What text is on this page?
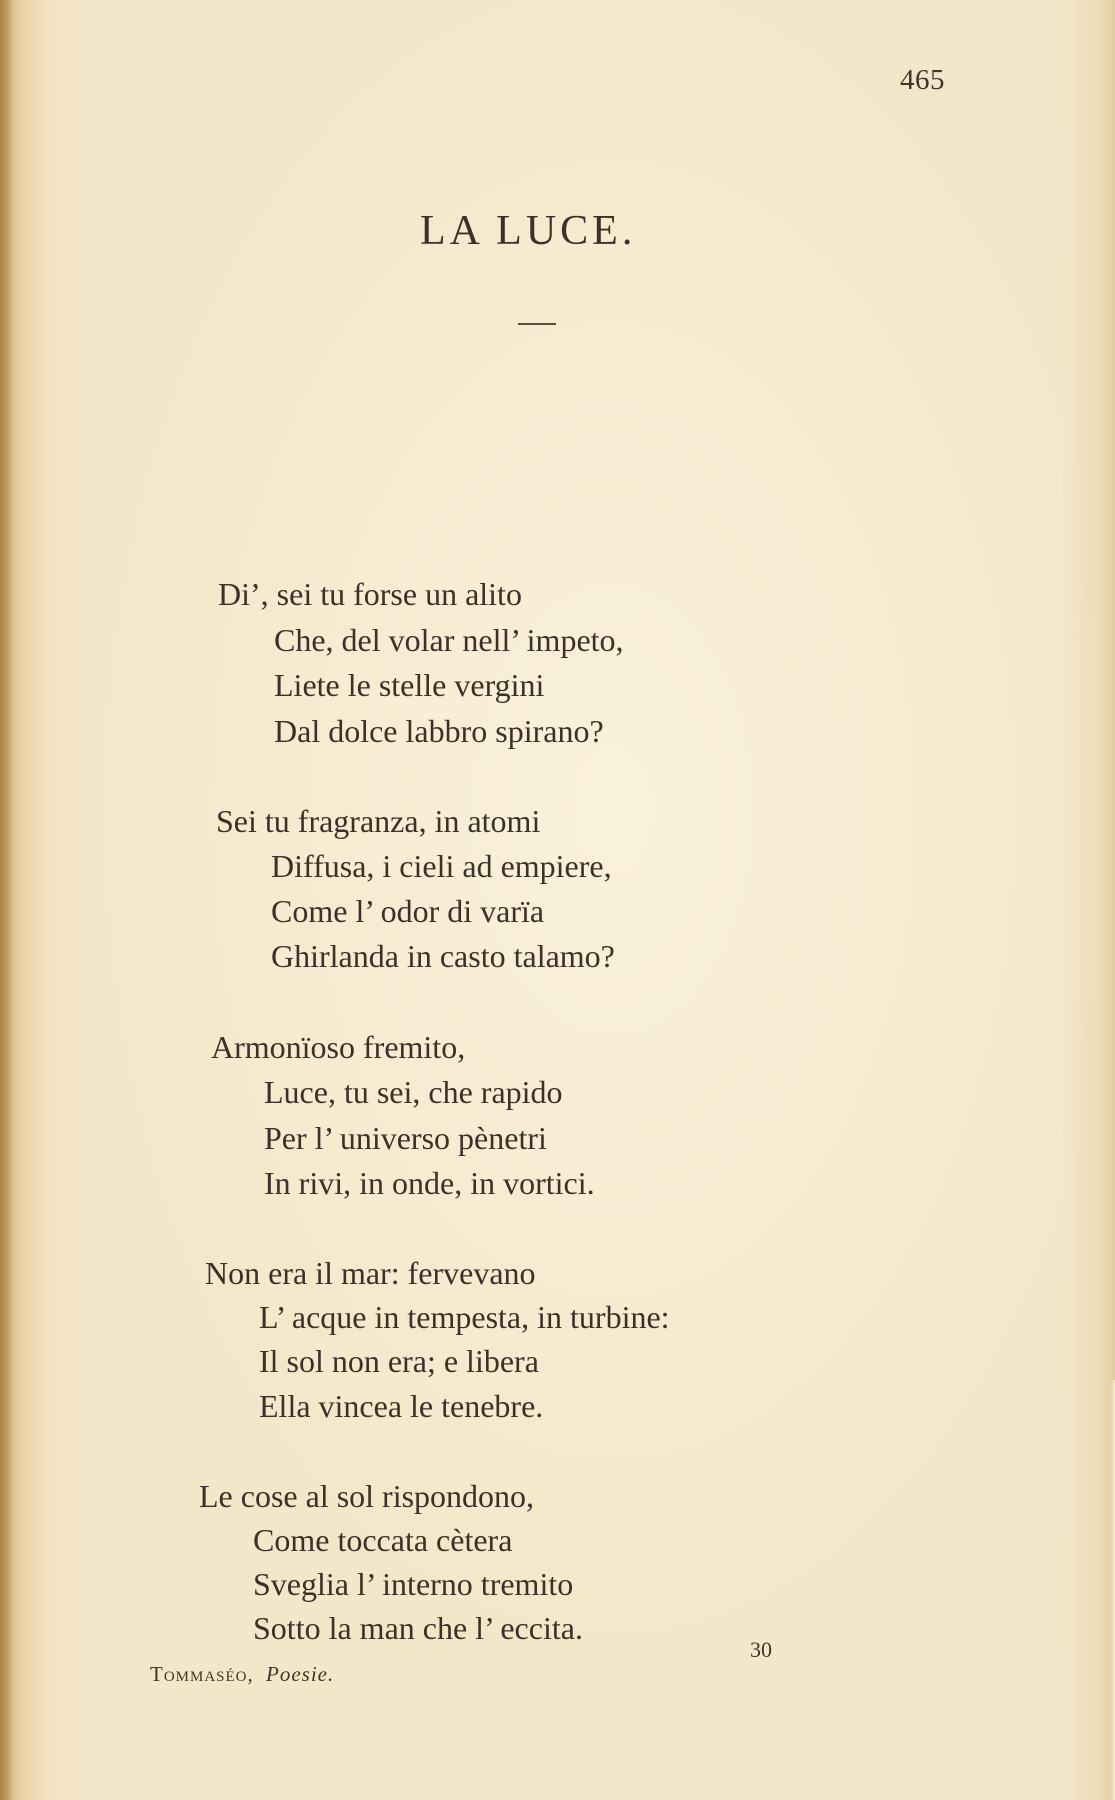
465
LA LUCE.
Di’, sei tu forse un alito
Che, del volar nell’ impeto,
Liete le stelle vergini
Dal dolce labbro spirano?
Sei tu fragranza, in atomi
Diffusa, i cieli ad empiere,
Come l’ odor di varïa
Ghirlanda in casto talamo?
Armonïoso fremito,
Luce, tu sei, che rapido
Per l’ universo pènetri
In rivi, in onde, in vortici.
Non era il mar: fervevano
L’ acque in tempesta, in turbine:
Il sol non era; e libera
Ella vincea le tenebre.
Le cose al sol rispondono,
Come toccata cètera
Sveglia l’ interno tremito
Sotto la man che l’ eccita.
Tommaséo, Poesie.
30
